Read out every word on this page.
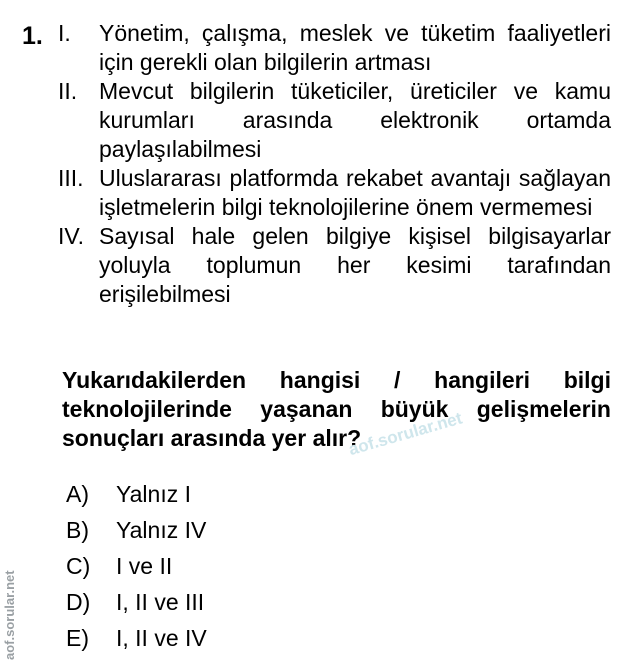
1. I.	Yönetim, çalışma, meslek ve tüketim faaliyetleri için gerekli olan bilgilerin artması
II. Mevcut bilgilerin tüketiciler, üreticiler ve kamu kurumları arasında elektronik ortamda paylaşılabilmesi
III. Uluslararası platformda rekabet avantajı sağlayan işletmelerin bilgi teknolojilerine önem vermemesi
IV. Sayısal hale gelen bilgiye kişisel bilgisayarlar yoluyla toplumun her kesimi tarafından erişilebilmesi
Yukarıdakilerden hangisi / hangileri bilgi teknolojilerinde yaşanan büyük gelişmelerin sonuçları arasında yer alır?
aof.sorular.net
A)	Yalnız I
B)	Yalnız IV
C)	I ve II
D)	I, II ve III
E)	I, II ve IV
aof.sorular.net
